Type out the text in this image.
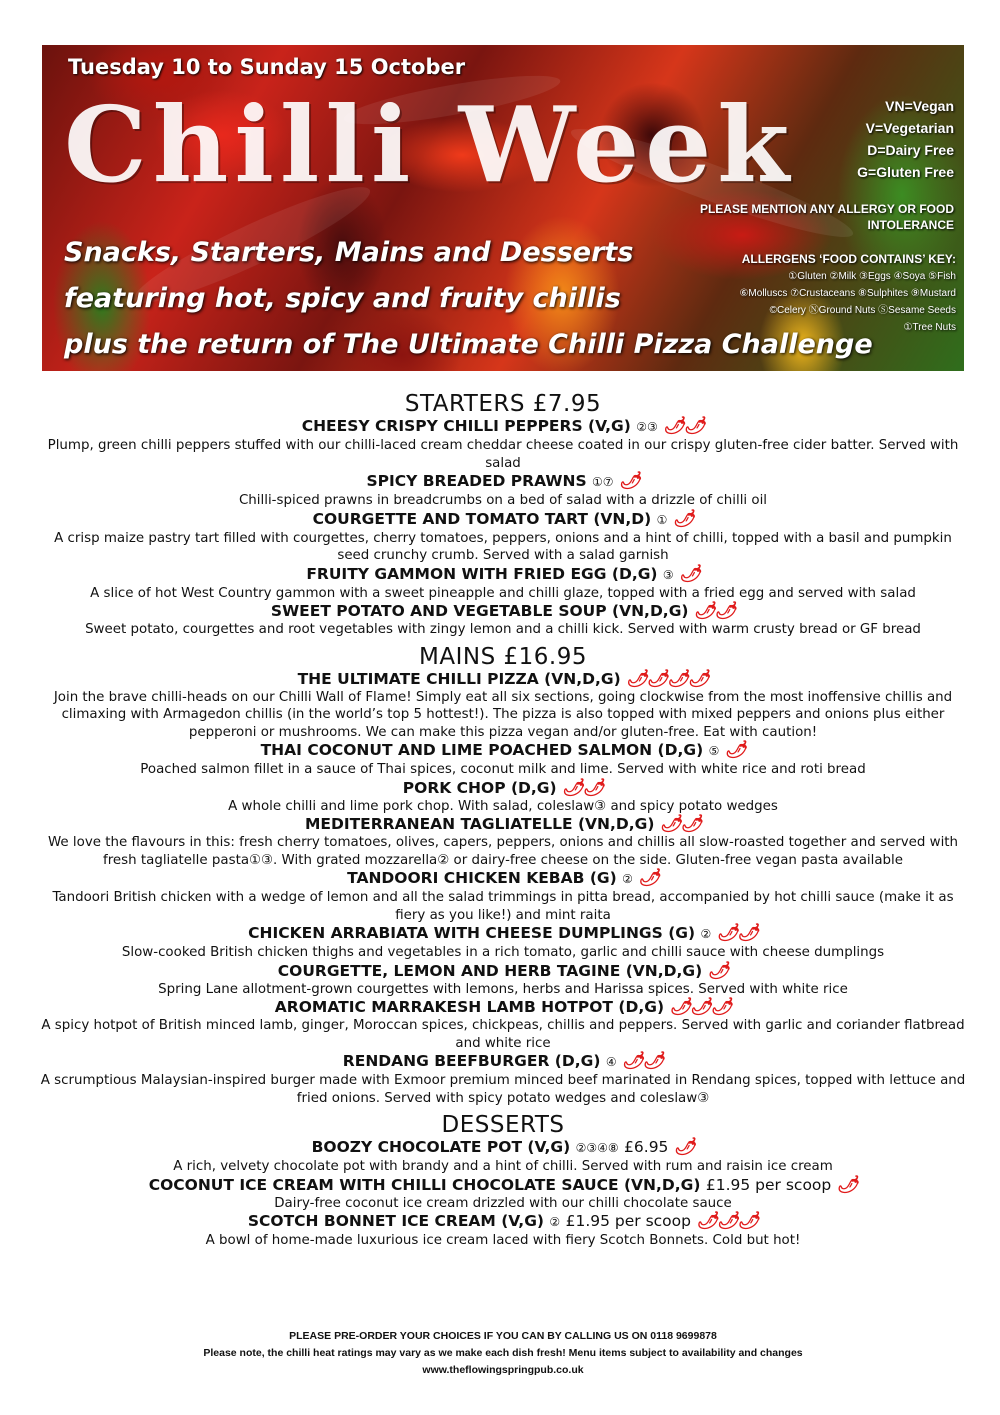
Tuesday 10 to Sunday 15 October
Chilli Week
Snacks, Starters, Mains and Desserts
featuring hot, spicy and fruity chillis
plus the return of The Ultimate Chilli Pizza Challenge
VN=Vegan
V=Vegetarian
D=Dairy Free
G=Gluten Free
PLEASE MENTION ANY ALLERGY OR FOOD INTOLERANCE
ALLERGENS ‘FOOD CONTAINS’ KEY:
①Gluten ②Milk ③Eggs ④Soya ⑤Fish
⑥Molluscs ⑦Crustaceans ⑧Sulphites ⑨Mustard
©Celery ⓃGround Nuts ⓈSesame Seeds
①Tree Nuts
STARTERS £7.95
CHEESY CRISPY CHILLI PEPPERS (V,G) ②③ 🌶🌶
Plump, green chilli peppers stuffed with our chilli-laced cream cheddar cheese coated in our crispy gluten-free cider batter. Served with salad
SPICY BREADED PRAWNS ①⑦ 🌶
Chilli-spiced prawns in breadcrumbs on a bed of salad with a drizzle of chilli oil
COURGETTE AND TOMATO TART (VN,D) ① 🌶
A crisp maize pastry tart filled with courgettes, cherry tomatoes, peppers, onions and a hint of chilli, topped with a basil and pumpkin seed crunchy crumb. Served with a salad garnish
FRUITY GAMMON WITH FRIED EGG (D,G) ③ 🌶
A slice of hot West Country gammon with a sweet pineapple and chilli glaze, topped with a fried egg and served with salad
SWEET POTATO AND VEGETABLE SOUP (VN,D,G) 🌶🌶
Sweet potato, courgettes and root vegetables with zingy lemon and a chilli kick. Served with warm crusty bread or GF bread
MAINS £16.95
THE ULTIMATE CHILLI PIZZA (VN,D,G) 🌶🌶🌶🌶
Join the brave chilli-heads on our Chilli Wall of Flame! Simply eat all six sections, going clockwise from the most inoffensive chillis and climaxing with Armagedon chillis (in the world’s top 5 hottest!). The pizza is also topped with mixed peppers and onions plus either pepperoni or mushrooms. We can make this pizza vegan and/or gluten-free. Eat with caution!
THAI COCONUT AND LIME POACHED SALMON (D,G) ⑤ 🌶
Poached salmon fillet in a sauce of Thai spices, coconut milk and lime. Served with white rice and roti bread
PORK CHOP (D,G) 🌶🌶
A whole chilli and lime pork chop. With salad, coleslaw③ and spicy potato wedges
MEDITERRANEAN TAGLIATELLE (VN,D,G) 🌶🌶
We love the flavours in this: fresh cherry tomatoes, olives, capers, peppers, onions and chillis all slow-roasted together and served with fresh tagliatelle pasta①③. With grated mozzarella② or dairy-free cheese on the side. Gluten-free vegan pasta available
TANDOORI CHICKEN KEBAB (G) ② 🌶
Tandoori British chicken with a wedge of lemon and all the salad trimmings in pitta bread, accompanied by hot chilli sauce (make it as fiery as you like!) and mint raita
CHICKEN ARRABIATA WITH CHEESE DUMPLINGS (G) ② 🌶🌶
Slow-cooked British chicken thighs and vegetables in a rich tomato, garlic and chilli sauce with cheese dumplings
COURGETTE, LEMON AND HERB TAGINE (VN,D,G) 🌶
Spring Lane allotment-grown courgettes with lemons, herbs and Harissa spices. Served with white rice
AROMATIC MARRAKESH LAMB HOTPOT (D,G) 🌶🌶🌶
A spicy hotpot of British minced lamb, ginger, Moroccan spices, chickpeas, chillis and peppers. Served with garlic and coriander flatbread and white rice
RENDANG BEEFBURGER (D,G) ④ 🌶🌶
A scrumptious Malaysian-inspired burger made with Exmoor premium minced beef marinated in Rendang spices, topped with lettuce and fried onions. Served with spicy potato wedges and coleslaw③
DESSERTS
BOOZY CHOCOLATE POT (V,G) ②③④⑧ £6.95 🌶
A rich, velvety chocolate pot with brandy and a hint of chilli. Served with rum and raisin ice cream
COCONUT ICE CREAM WITH CHILLI CHOCOLATE SAUCE (VN,D,G) £1.95 per scoop 🌶
Dairy-free coconut ice cream drizzled with our chilli chocolate sauce
SCOTCH BONNET ICE CREAM (V,G) ② £1.95 per scoop 🌶🌶🌶
A bowl of home-made luxurious ice cream laced with fiery Scotch Bonnets. Cold but hot!
PLEASE PRE-ORDER YOUR CHOICES IF YOU CAN BY CALLING US ON 0118 9699878
Please note, the chilli heat ratings may vary as we make each dish fresh! Menu items subject to availability and changes
www.theflowingspringpub.co.uk
